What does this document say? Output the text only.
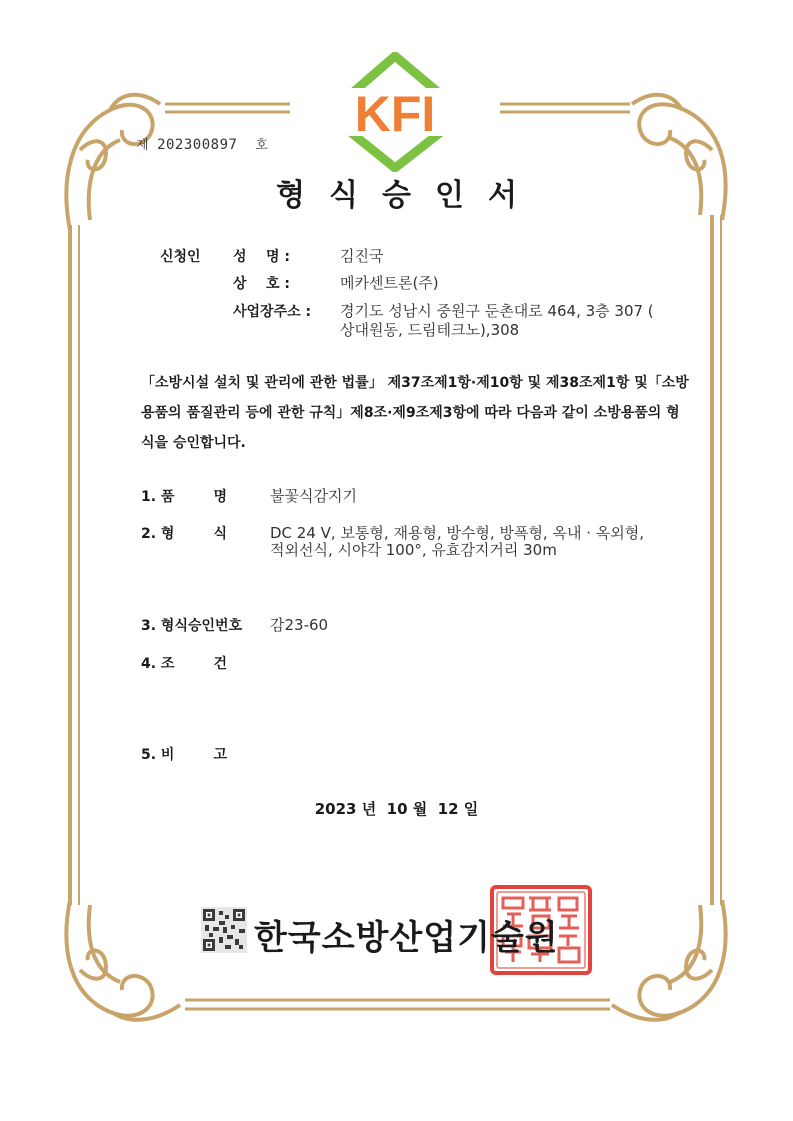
KFI
제 202300897 호
형식승인서
신청인 성    명 :	김진국
상    호 :	메카센트론(주)
사업장주소 : 경기도 성남시 중원구 둔촌대로 464, 3층 307 (
상대원동, 드림테크노),308
「소방시설 설치 및 관리에 관한 법률」 제37조제1항·제10항 및 제38조제1항 및「소방
용품의 품질관리 등에 관한 규칙」제8조·제9조제3항에 따라 다음과 같이 소방용품의 형
식을 승인합니다.
1. 품        명	불꽃식감지기
2. 형        식	DC 24 V, 보통형, 재용형, 방수형, 방폭형, 옥내 · 옥외형,
적외선식, 시야각 100°, 유효감지거리 30m
3. 형식승인번호 감23-60
4. 조        건
5. 비        고
2023 년  10 월  12 일
한국소방산업기술원
